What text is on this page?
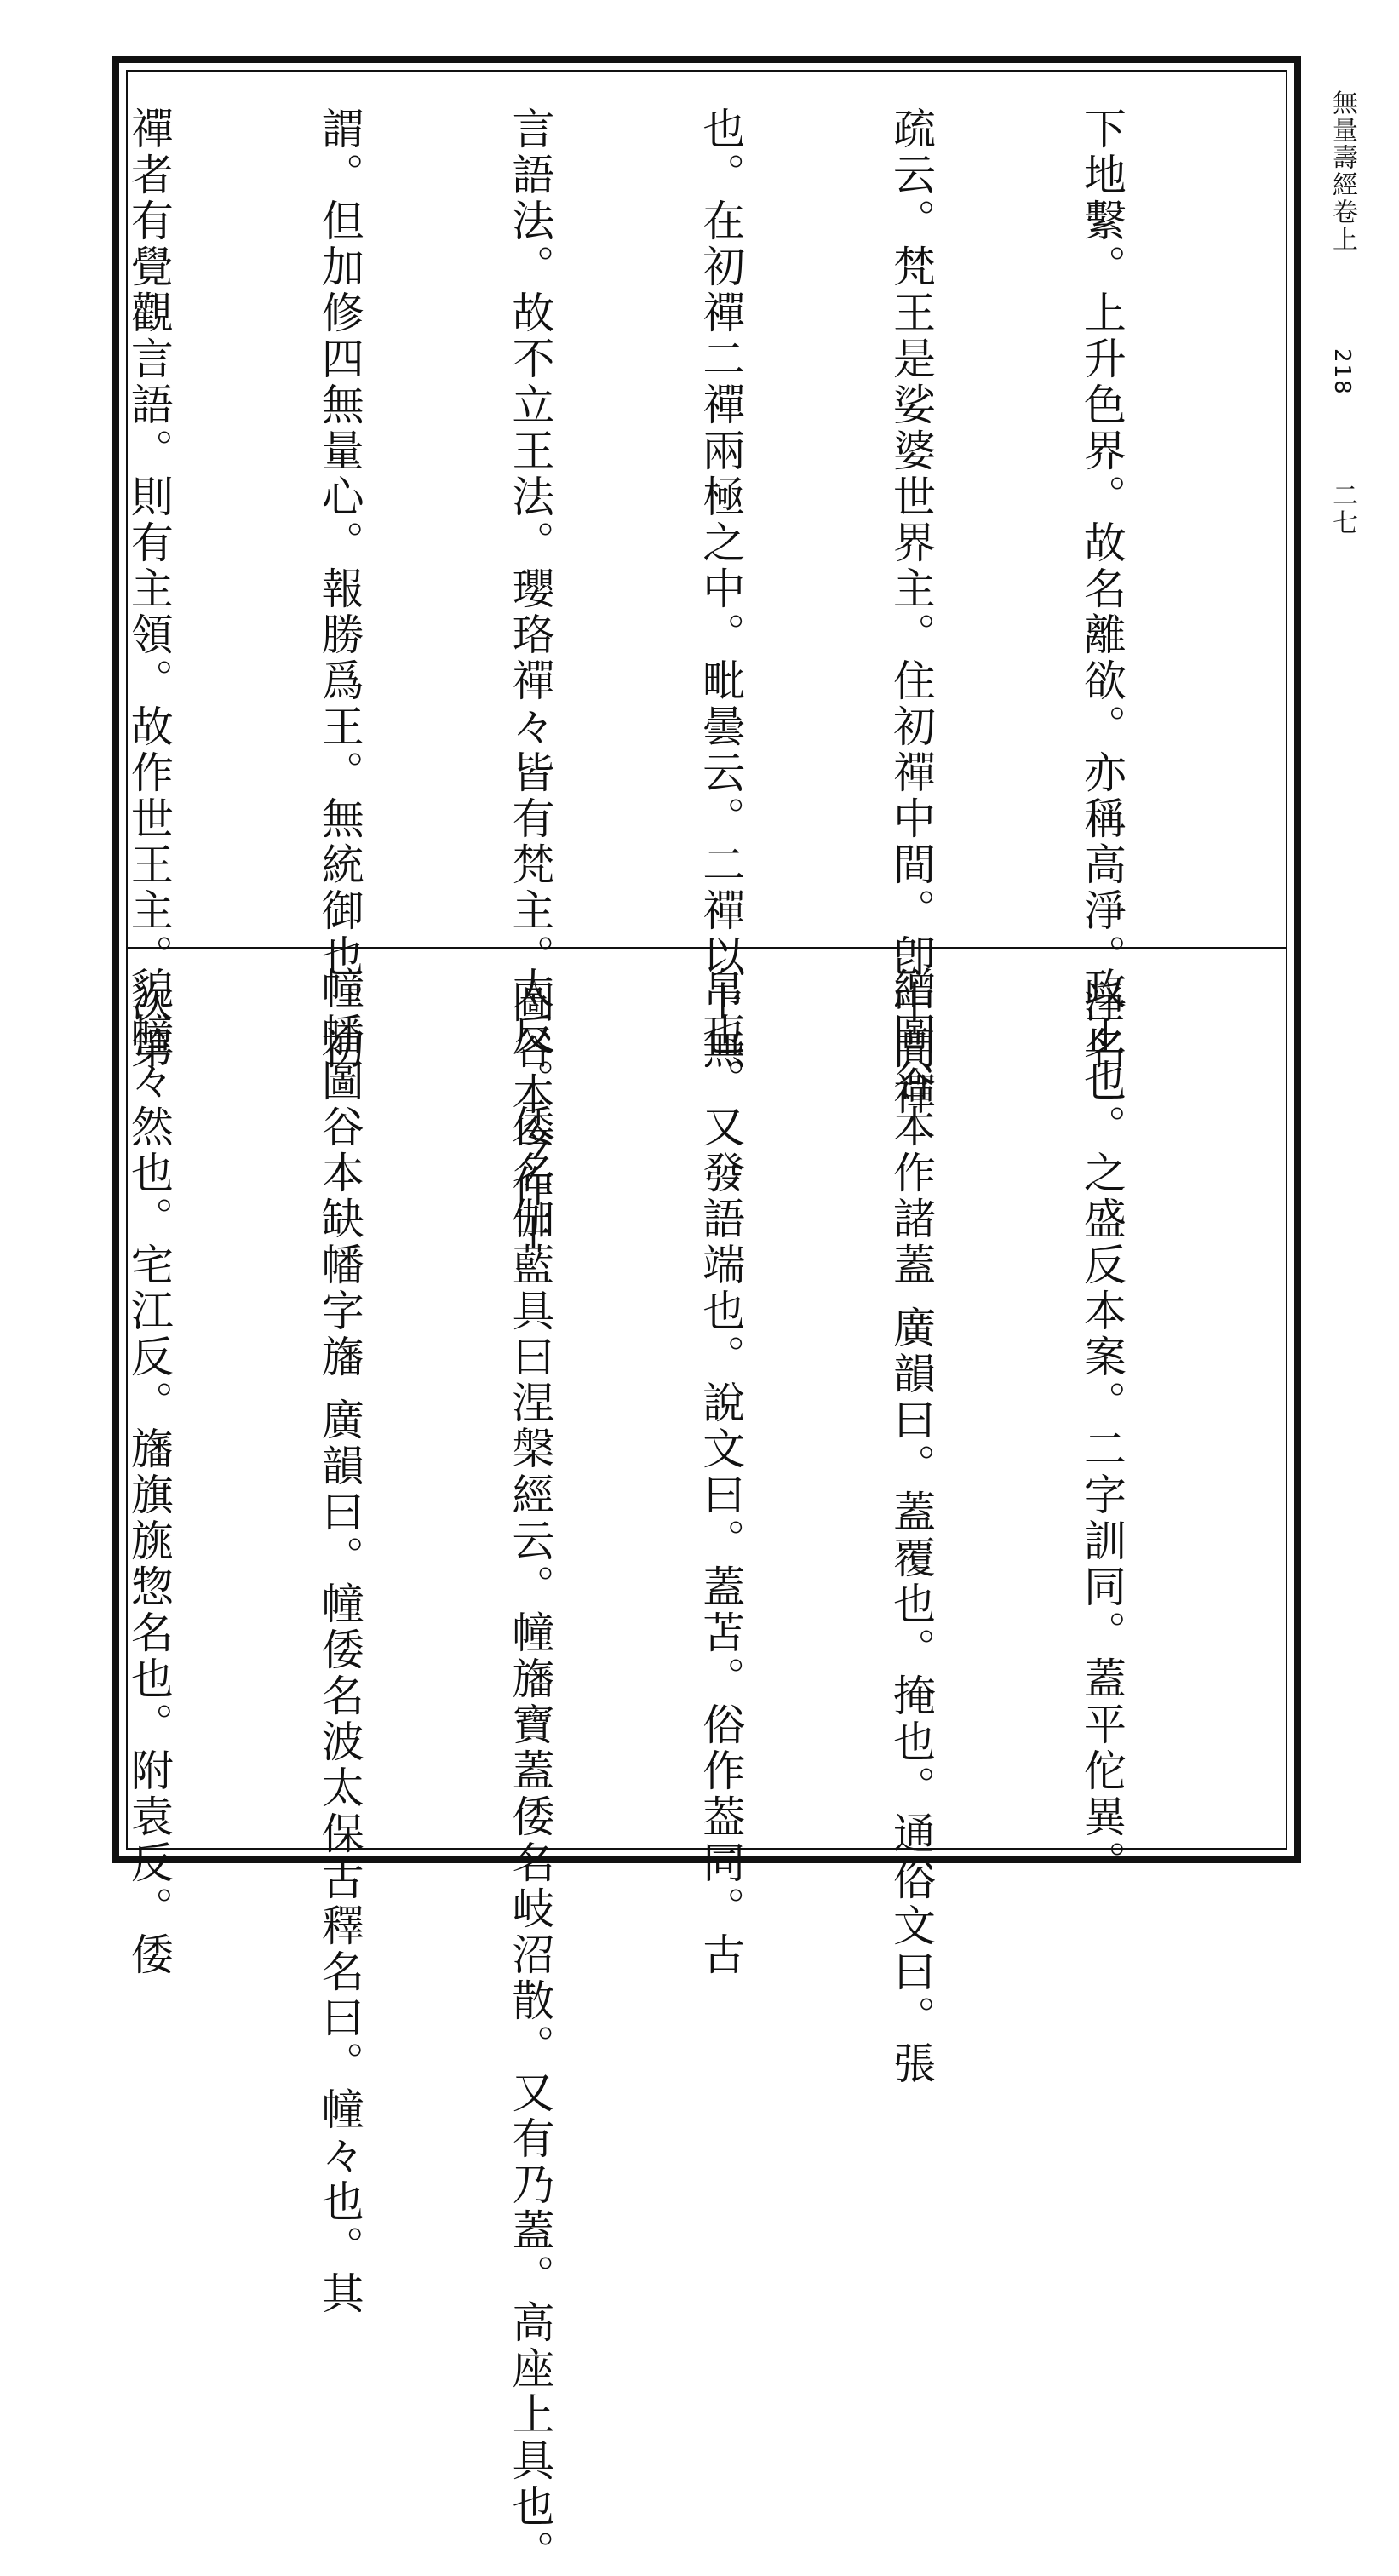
無量壽經卷上 218 二七

下地繫。上升色界。故名離欲。亦稱高淨。淨名

疏云。梵王是娑婆世界主。住初禪中間。卽中間禪

也。在初禪二禪兩極之中。毗曇云。二禪以上無

言語法。故不立王法。瓔珞禪々皆有梵主。圖谷本今作王

謂。但加修四無量心。報勝爲王。無統御也。初

禪者有覺觀言語。則有主領。故作世王主。次第

政正也。之盛反本案。二字訓同。蓋平佗異。

繒圖谷本作諸蓋 廣韻曰。蓋覆也。掩也。通俗文曰。張

帛也。又發語端也。說文曰。蓋苫。俗作葢同。古

太反。倭名伽藍具曰涅槃經云。幢旛寶蓋倭名岐沼散。又有乃蓋。高座上具也。

幢幡圖谷本缺幡字旛 廣韻曰。幢倭名波太保古釋名曰。幢々也。其

貌幢々然也。宅江反。旛旗旐惣名也。附袁反。倭
